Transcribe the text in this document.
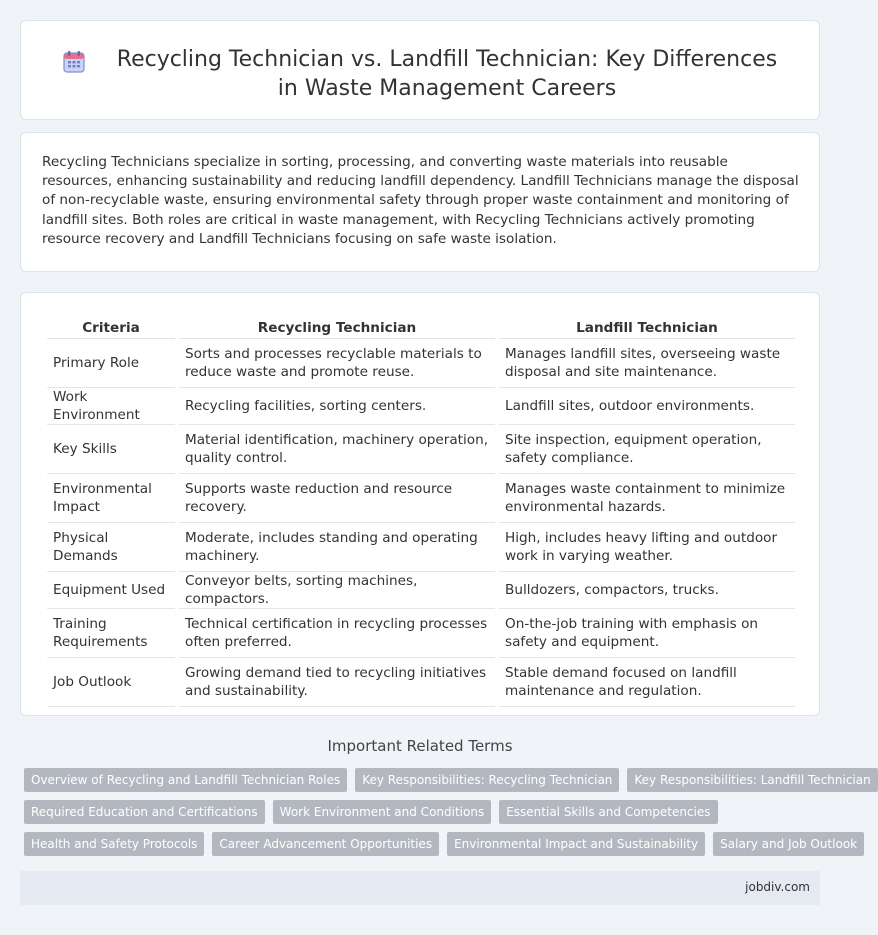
Recycling Technician vs. Landfill Technician: Key Differences in Waste Management Careers

Recycling Technicians specialize in sorting, processing, and converting waste materials into reusable resources, enhancing sustainability and reducing landfill dependency. Landfill Technicians manage the disposal of non-recyclable waste, ensuring environmental safety through proper waste containment and monitoring of landfill sites. Both roles are critical in waste management, with Recycling Technicians actively promoting resource recovery and Landfill Technicians focusing on safe waste isolation.

Criteria	Recycling Technician	Landfill Technician
Primary Role	Sorts and processes recyclable materials to reduce waste and promote reuse.	Manages landfill sites, overseeing waste disposal and site maintenance.
Work Environment	Recycling facilities, sorting centers.	Landfill sites, outdoor environments.
Key Skills	Material identification, machinery operation, quality control.	Site inspection, equipment operation, safety compliance.
Environmental Impact	Supports waste reduction and resource recovery.	Manages waste containment to minimize environmental hazards.
Physical Demands	Moderate, includes standing and operating machinery.	High, includes heavy lifting and outdoor work in varying weather.
Equipment Used	Conveyor belts, sorting machines, compactors.	Bulldozers, compactors, trucks.
Training Requirements	Technical certification in recycling processes often preferred.	On-the-job training with emphasis on safety and equipment.
Job Outlook	Growing demand tied to recycling initiatives and sustainability.	Stable demand focused on landfill maintenance and regulation.
Important Related Terms
Overview of Recycling and Landfill Technician Roles	Key Responsibilities: Recycling Technician	Key Responsibilities: Landfill Technician
Required Education and Certifications	Work Environment and Conditions	Essential Skills and Competencies
Health and Safety Protocols	Career Advancement Opportunities	Environmental Impact and Sustainability	Salary and Job Outlook
jobdiv.com
